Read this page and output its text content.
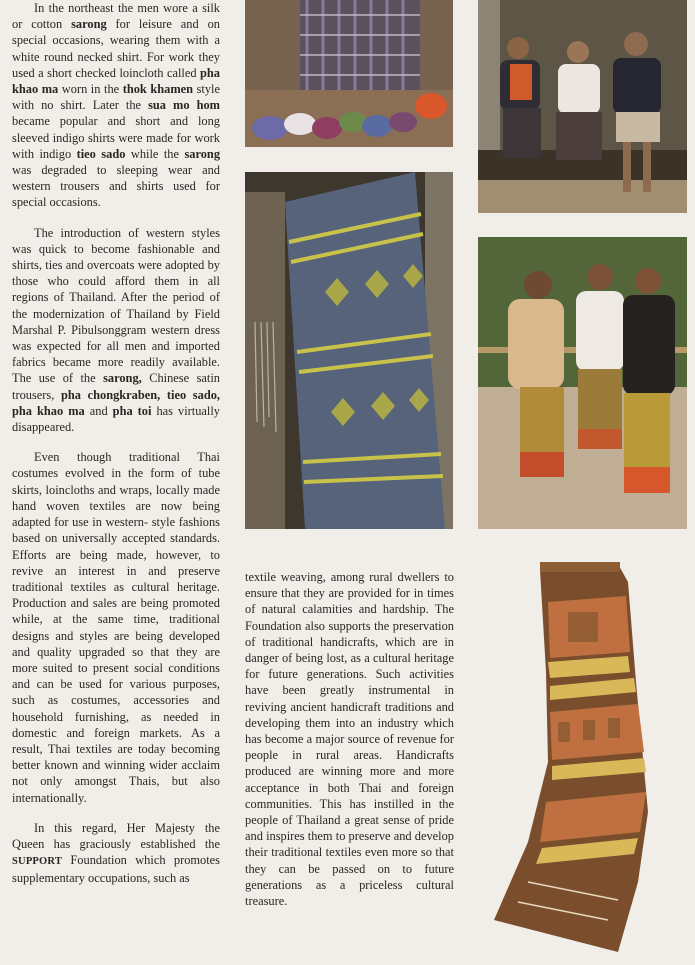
In the northeast the men wore a silk or cotton sarong for leisure and on special occasions, wearing them with a white round necked shirt. For work they used a short checked loincloth called pha khao ma worn in the thok khamen style with no shirt. Later the sua mo hom became popular and short and long sleeved indigo shirts were made for work with indigo tieo sado while the sarong was degraded to sleeping wear and western trousers and shirts used for special occasions.

The introduction of western styles was quick to become fashionable and shirts, ties and overcoats were adopted by those who could afford them in all regions of Thailand. After the period of the modernization of Thailand by Field Marshal P. Pibulsonggram western dress was expected for all men and imported fabrics became more readily available. The use of the sarong, Chinese satin trousers, pha chongkraben, tieo sado, pha khao ma and pha toi has virtually disappeared.

Even though traditional Thai costumes evolved in the form of tube skirts, loincloths and wraps, locally made hand woven textiles are now being adapted for use in western- style fashions based on universally accepted standards. Efforts are being made, however, to revive an interest in and preserve traditional textiles as cultural heritage. Production and sales are being promoted while, at the same time, traditional designs and styles are being developed and quality upgraded so that they are more suited to present social conditions and can be used for various purposes, such as costumes, accessories and household furnishing, as needed in domestic and foreign markets. As a result, Thai textiles are today becoming better known and winning wider acclaim not only amongst Thais, but also internationally.

In this regard, Her Majesty the Queen has graciously established the SUPPORT Foundation which promotes supplementary occupations, such as

textile weaving, among rural dwellers to ensure that they are provided for in times of natural calamities and hardship. The Foundation also supports the preservation of traditional handicrafts, which are in danger of being lost, as a cultural heritage for future generations. Such activities have been greatly instrumental in reviving ancient handicraft traditions and developing them into an industry which has become a major source of revenue for people in rural areas. Handicrafts produced are winning more and more acceptance in both Thai and foreign communities. This has instilled in the people of Thailand a great sense of pride and inspires them to preserve and develop their traditional textiles even more so that they can be passed on to future generations as a priceless cultural treasure.
